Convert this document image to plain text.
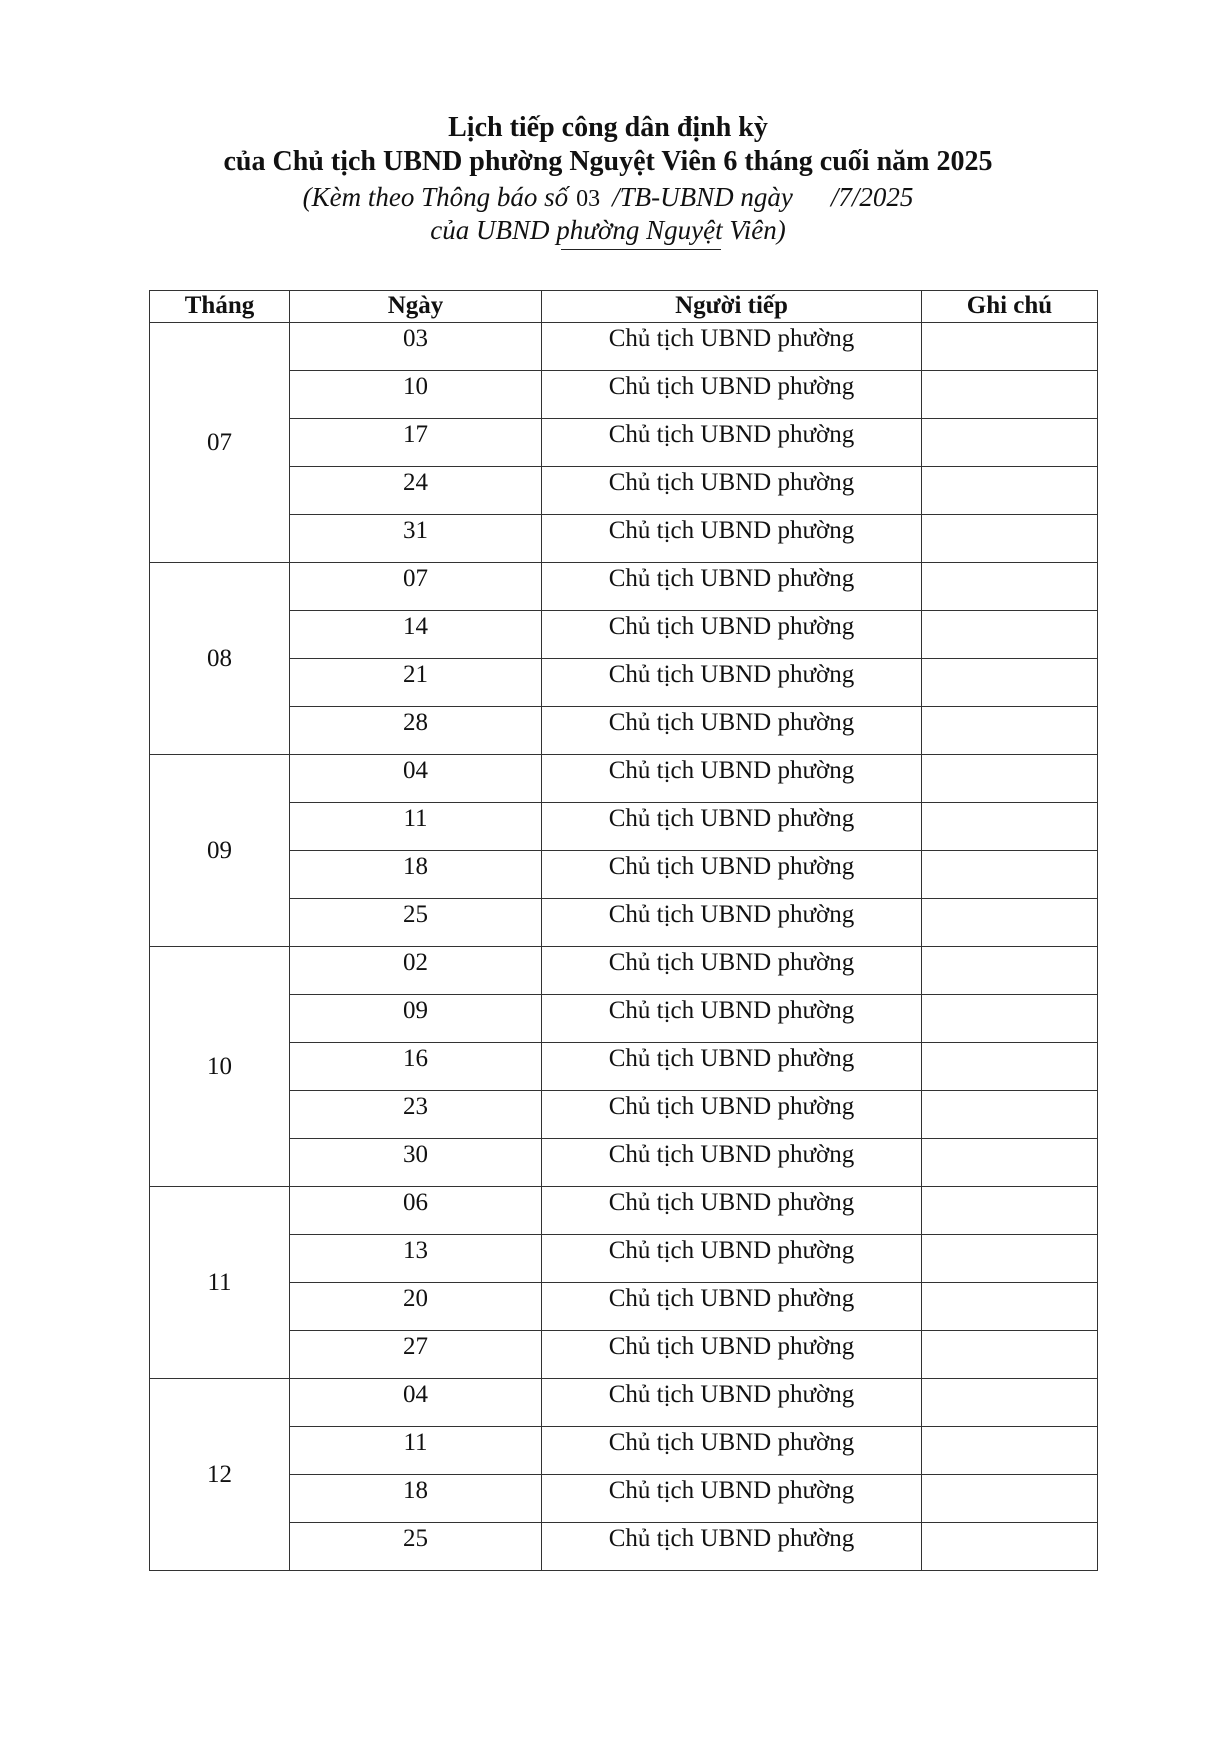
Lịch tiếp công dân định kỳ
của Chủ tịch UBND phường Nguyệt Viên 6 tháng cuối năm 2025
(Kèm theo Thông báo số 03 /TB-UBND ngày /7/2025
của UBND phường Nguyệt Viên)
Tháng	Ngày	Người tiếp	Ghi chú
07	03	Chủ tịch UBND phường	
	10	Chủ tịch UBND phường	
	17	Chủ tịch UBND phường	
	24	Chủ tịch UBND phường	
	31	Chủ tịch UBND phường	
08	07	Chủ tịch UBND phường	
	14	Chủ tịch UBND phường	
	21	Chủ tịch UBND phường	
	28	Chủ tịch UBND phường	
09	04	Chủ tịch UBND phường	
	11	Chủ tịch UBND phường	
	18	Chủ tịch UBND phường	
	25	Chủ tịch UBND phường	
10	02	Chủ tịch UBND phường	
	09	Chủ tịch UBND phường	
	16	Chủ tịch UBND phường	
	23	Chủ tịch UBND phường	
	30	Chủ tịch UBND phường	
11	06	Chủ tịch UBND phường	
	13	Chủ tịch UBND phường	
	20	Chủ tịch UBND phường	
	27	Chủ tịch UBND phường	
12	04	Chủ tịch UBND phường	
	11	Chủ tịch UBND phường	
	18	Chủ tịch UBND phường	
	25	Chủ tịch UBND phường	
